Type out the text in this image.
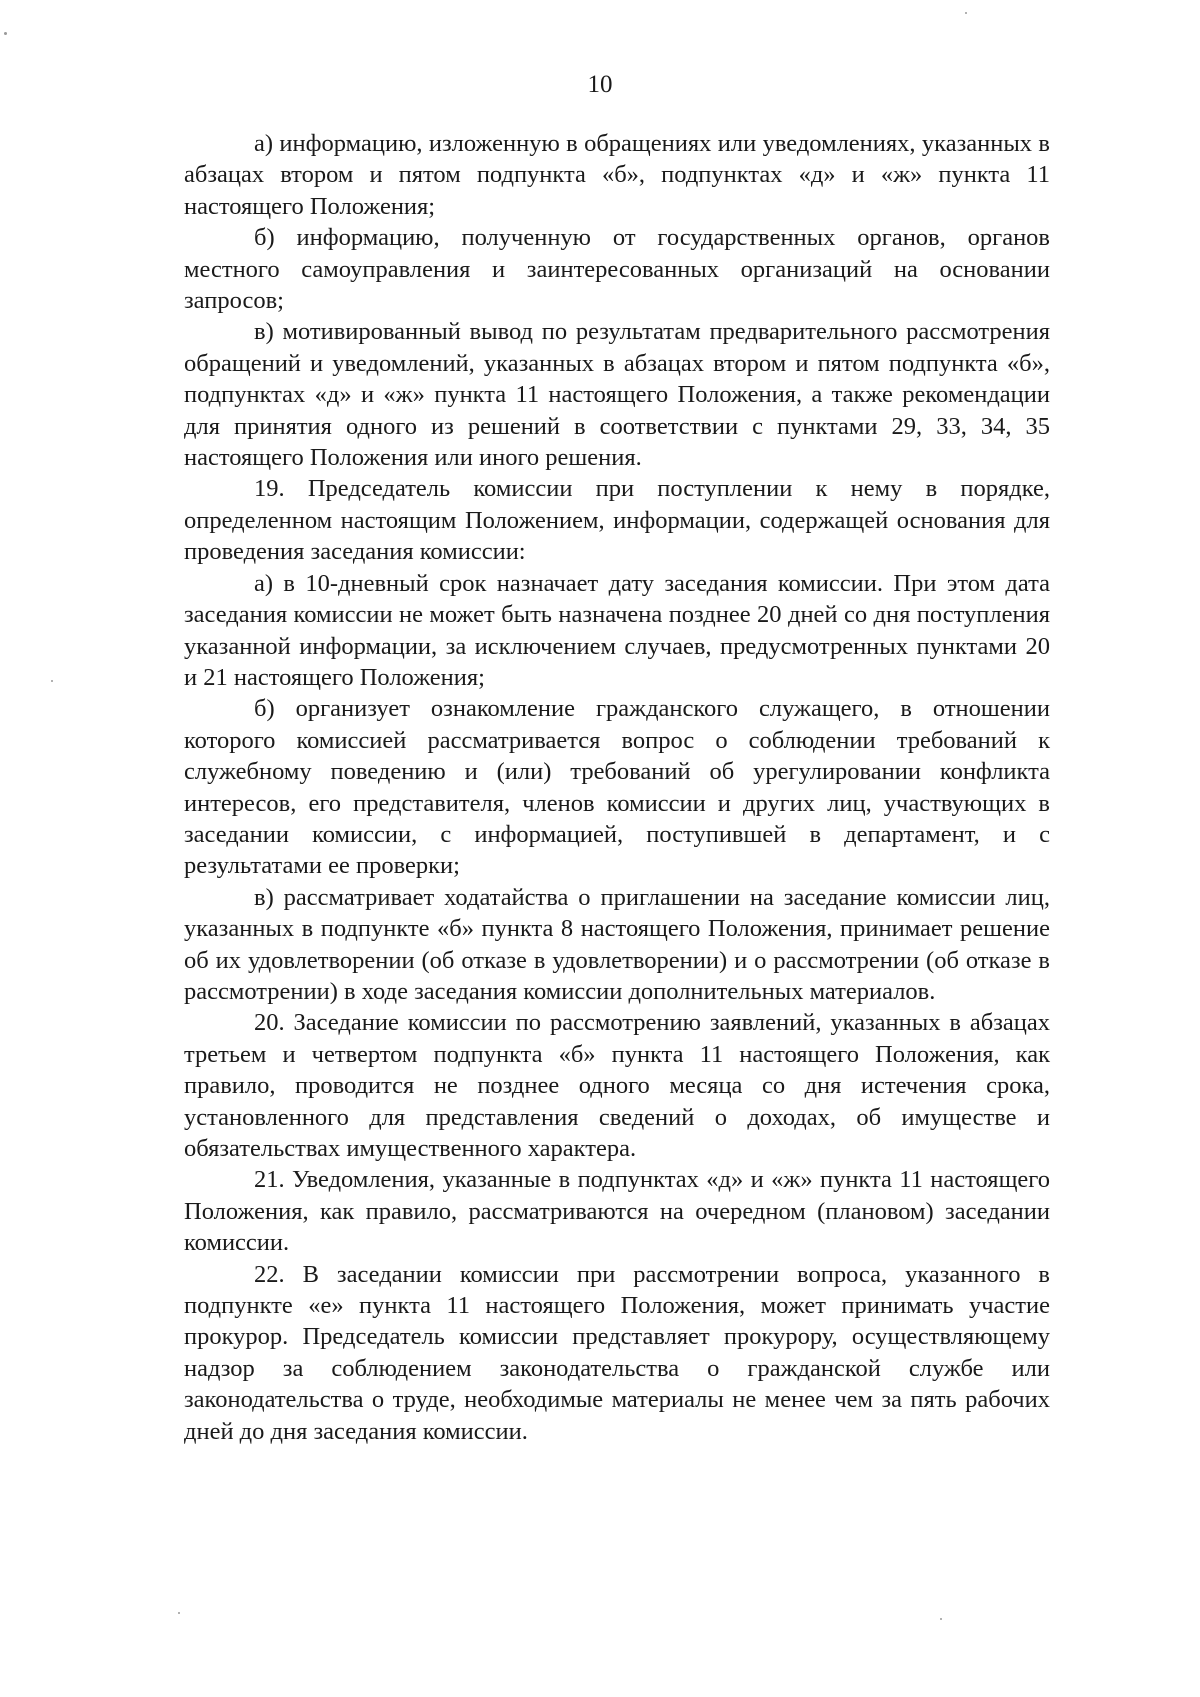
10

а) информацию, изложенную в обращениях или уведомлениях, указанных в абзацах втором и пятом подпункта «б», подпунктах «д» и «ж» пункта 11 настоящего Положения;

б) информацию, полученную от государственных органов, органов местного самоуправления и заинтересованных организаций на основании запросов;

в) мотивированный вывод по результатам предварительного рассмотрения обращений и уведомлений, указанных в абзацах втором и пятом подпункта «б», подпунктах «д» и «ж» пункта 11 настоящего Положения, а также рекомендации для принятия одного из решений в соответствии с пунктами 29, 33, 34, 35 настоящего Положения или иного решения.

19. Председатель комиссии при поступлении к нему в порядке, определенном настоящим Положением, информации, содержащей основания для проведения заседания комиссии:

а) в 10-дневный срок назначает дату заседания комиссии. При этом дата заседания комиссии не может быть назначена позднее 20 дней со дня поступления указанной информации, за исключением случаев, предусмотренных пунктами 20 и 21 настоящего Положения;

б) организует ознакомление гражданского служащего, в отношении которого комиссией рассматривается вопрос о соблюдении требований к служебному поведению и (или) требований об урегулировании конфликта интересов, его представителя, членов комиссии и других лиц, участвующих в заседании комиссии, с информацией, поступившей в департамент, и с результатами ее проверки;

в) рассматривает ходатайства о приглашении на заседание комиссии лиц, указанных в подпункте «б» пункта 8 настоящего Положения, принимает решение об их удовлетворении (об отказе в удовлетворении) и о рассмотрении (об отказе в рассмотрении) в ходе заседания комиссии дополнительных материалов.

20. Заседание комиссии по рассмотрению заявлений, указанных в абзацах третьем и четвертом подпункта «б» пункта 11 настоящего Положения, как правило, проводится не позднее одного месяца со дня истечения срока, установленного для представления сведений о доходах, об имуществе и обязательствах имущественного характера.

21. Уведомления, указанные в подпунктах «д» и «ж» пункта 11 настоящего Положения, как правило, рассматриваются на очередном (плановом) заседании комиссии.

22. В заседании комиссии при рассмотрении вопроса, указанного в подпункте «е» пункта 11 настоящего Положения, может принимать участие прокурор. Председатель комиссии представляет прокурору, осуществляющему надзор за соблюдением законодательства о гражданской службе или законодательства о труде, необходимые материалы не менее чем за пять рабочих дней до дня заседания комиссии.
